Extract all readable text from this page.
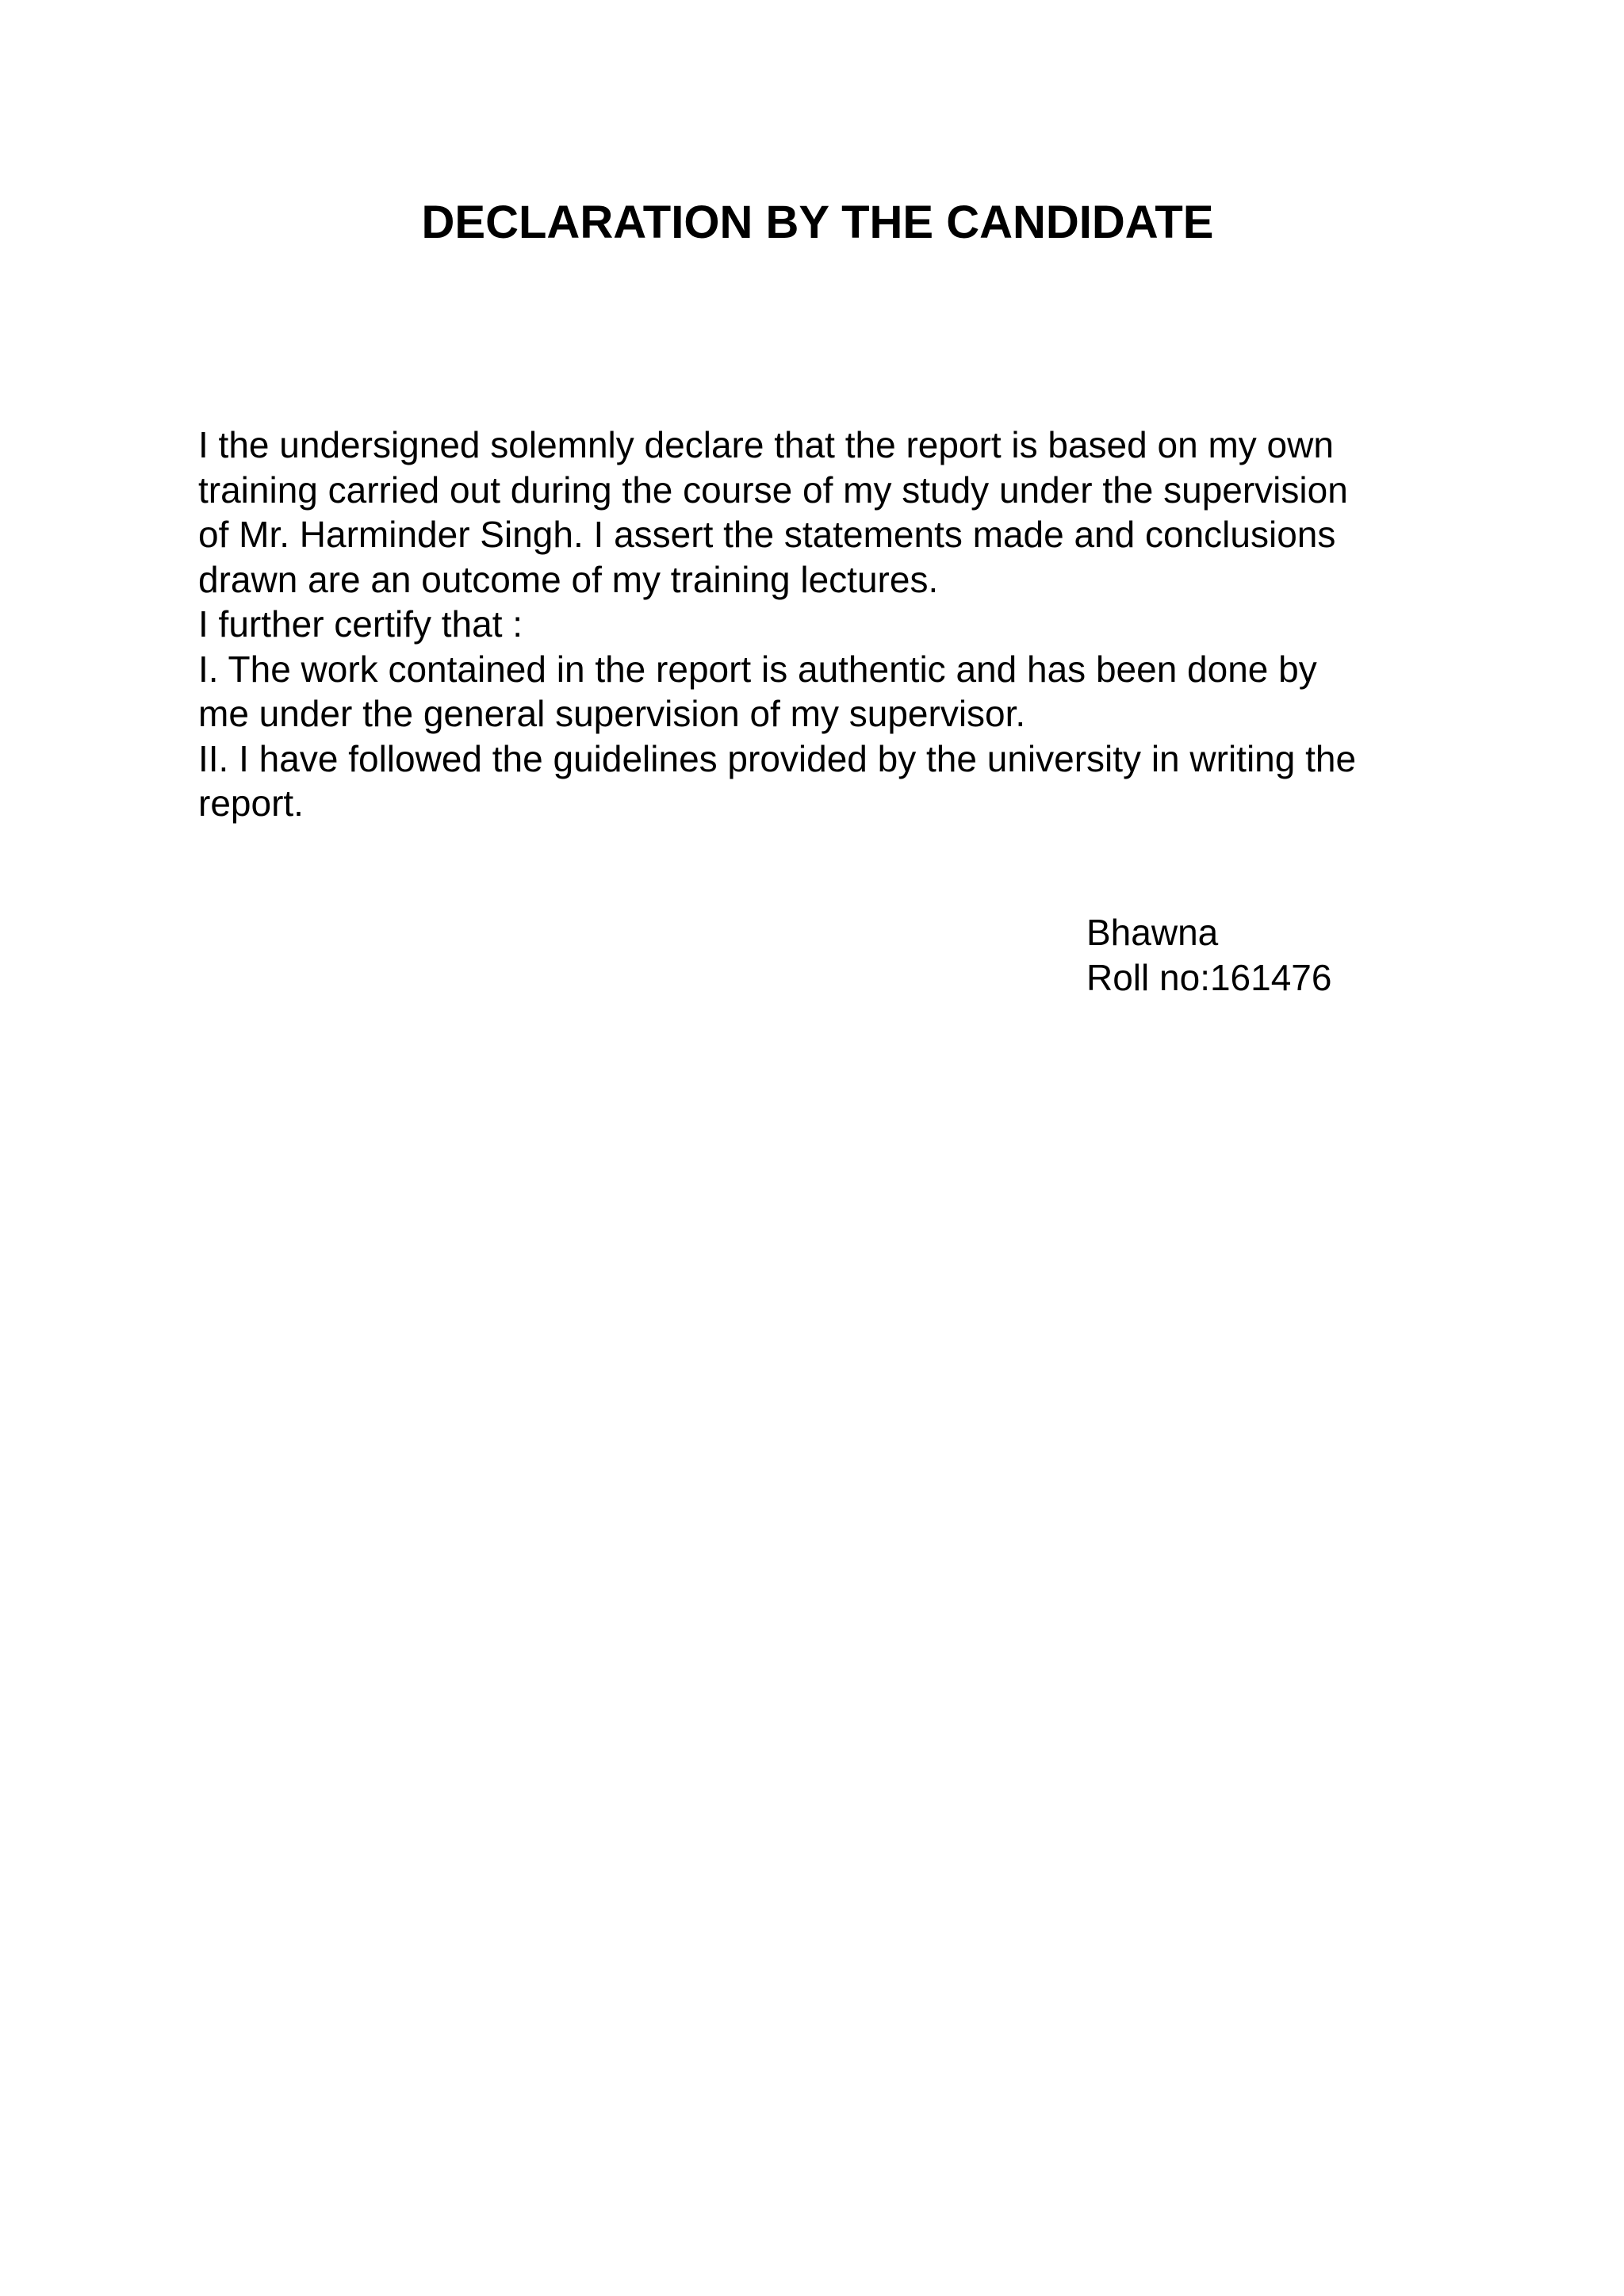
DECLARATION BY THE CANDIDATE
I the undersigned solemnly declare that the report is based on my own
training carried out during the course of my study under the supervision
of Mr. Harminder Singh. I assert the statements made and conclusions
drawn are an outcome of my training lectures.
I further certify that :
I. The work contained in the report is authentic and has been done by
me under the general supervision of my supervisor.
II. I have followed the guidelines provided by the university in writing the
report.
Bhawna
Roll no:161476
